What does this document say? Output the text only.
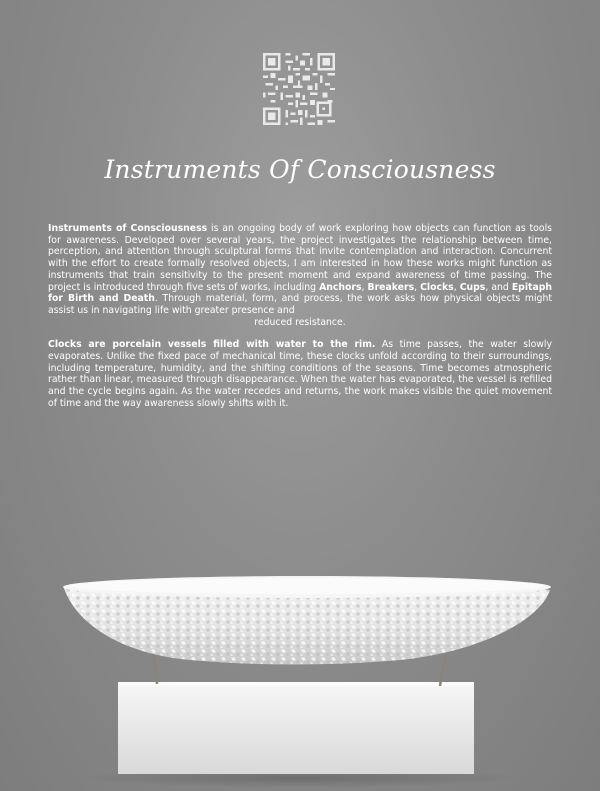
Instruments Of Consciousness

Instruments of Consciousness is an ongoing body of work exploring how objects can function as tools for awareness. Developed over several years, the project investigates the relationship between time, perception, and attention through sculptural forms that invite contemplation and interaction. Concurrent with the effort to create formally resolved objects, I am interested in how these works might function as instruments that train sensitivity to the present moment and expand awareness of time passing. The project is introduced through five sets of works, including Anchors, Breakers, Clocks, Cups, and Epitaph for Birth and Death. Through material, form, and process, the work asks how physical objects might assist us in navigating life with greater presence and
reduced resistance.

Clocks are porcelain vessels filled with water to the rim. As time passes, the water slowly evaporates. Unlike the fixed pace of mechanical time, these clocks unfold according to their surroundings, including temperature, humidity, and the shifting conditions of the seasons. Time becomes atmospheric rather than linear, measured through disappearance. When the water has evaporated, the vessel is refilled and the cycle begins again. As the water recedes and returns, the work makes visible the quiet movement of time and the way awareness slowly shifts with it.
